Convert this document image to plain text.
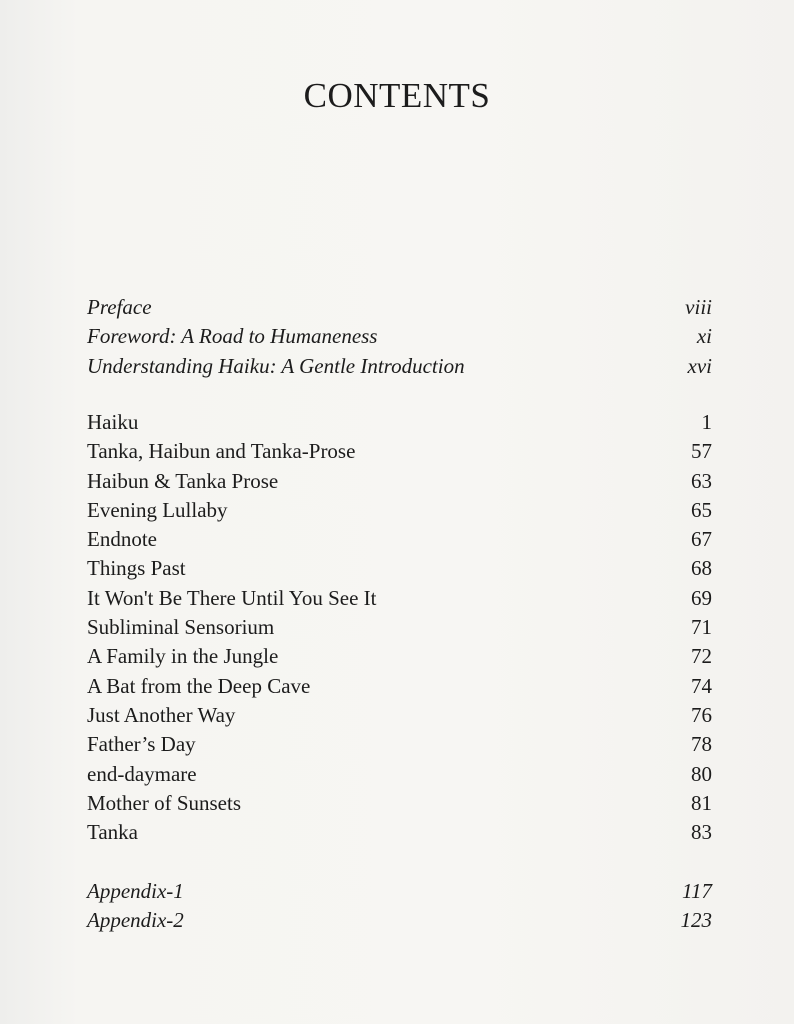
CONTENTS
Preface	viii
Foreword: A Road to Humaneness	xi
Understanding Haiku: A Gentle Introduction	xvi
Haiku	1
Tanka, Haibun and Tanka-Prose	57
Haibun & Tanka Prose	63
Evening Lullaby	65
Endnote	67
Things Past	68
It Won't Be There Until You See It	69
Subliminal Sensorium	71
A Family in the Jungle	72
A Bat from the Deep Cave	74
Just Another Way	76
Father’s Day	78
end-daymare	80
Mother of Sunsets	81
Tanka	83
Appendix-1	117
Appendix-2	123
